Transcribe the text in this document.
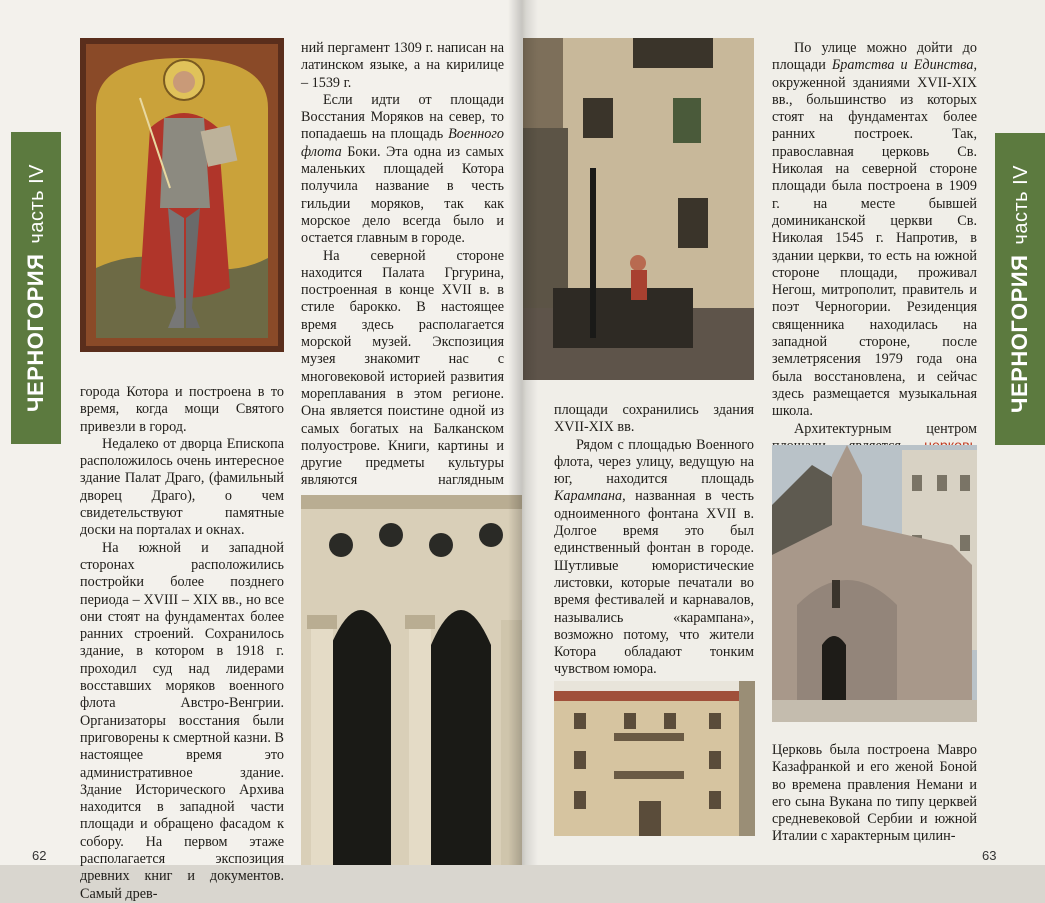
ЧЕРНОГОРИЯчасть IV

города Котора и построена в то время, когда мощи Святого привезли в город.

Недалеко от дворца Епископа расположилось очень интересное здание Палат Драго, (фамильный дворец Драго), о чем свидетельствуют памятные доски на порталах и окнах.

На южной и западной сторонах расположились постройки более позднего периода – XVIII – XIX вв., но все они стоят на фундаментах более ранних строений. Сохранилось здание, в котором в 1918 г. проходил суд над лидерами восставших моряков военного флота Австро-Венгрии. Организаторы восстания были приговорены к смертной казни. В настоящее время это административное здание. Здание Исторического Архива находится в западной части площади и обращено фасадом к собору. На первом этаже располагается экспозиция древних книг и документов. Самый древ-

ний пергамент 1309 г. написан на латинском языке, а на кирилице – 1539 г.

Если идти от площади Восстания Моряков на север, то попадаешь на площадь Военного флота Боки. Эта одна из самых маленьких площадей Котора получила название в честь гильдии моряков, так как морское дело всегда было и остается главным в городе.

На северной стороне находится Палата Гргурина, построенная в конце XVII в. в стиле барокко. В настоящее время здесь располагается морской музей. Экспозиция музея знакомит нас с многовековой историей развития мореплавания в этом регионе. Она является поистине одной из самых богатых на Балканском полуострове. Книги, картины и другие предметы культуры являются наглядным

62

площади сохранились здания XVII-XIX вв.

Рядом с площадью Военного флота, через улицу, ведущую на юг, находится площадь Карампана, названная в честь одноименного фонтана XVII в. Долгое время это был единственный фонтан в городе. Шутливые юмористические листовки, которые печатали во время фестивалей и карнавалов, назывались «карампана», возможно потому, что жители Котора обладают тонким чувством юмора.

По улице можно дойти до площади Братства и Единства, окруженной зданиями XVII-XIX вв., большинство из которых стоят на фундаментах более ранних построек. Так, православная церковь Св. Николая на северной стороне площади была построена в 1909 г. на месте бывшей доминиканской церкви Св. Николая 1545 г. Напротив, в здании церкви, то есть на южной стороне площади, проживал Негош, митрополит, правитель и поэт Черногории. Резиденция священника находилась на западной стороне, после землетрясения 1979 года она была восстановлена, и сейчас здесь размещается музыкальная школа.

Архитектурным центром

Церковь была построена Мавро Казафранкой и его женой Боной во времена правления Немани и его сына Вукана по типу церквей средневековой Сербии и южной Италии с характерным цилин-

ЧЕРНОГОРИЯчасть IV
63
